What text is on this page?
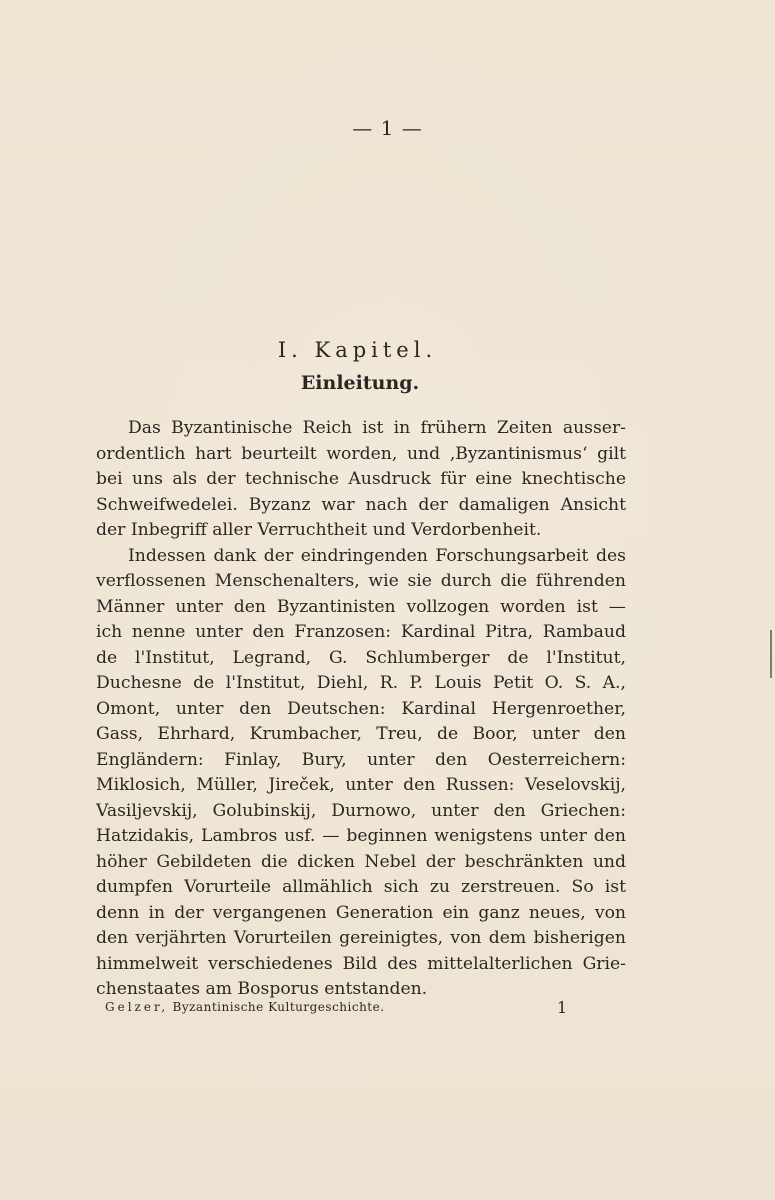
— 1 —
I. Kapitel.
Einleitung.
Das Byzantinische Reich ist in frühern Zeiten ausser-
ordentlich hart beurteilt worden, und ‚Byzantinismus‘ gilt
bei uns als der technische Ausdruck für eine knechtische
Schweifwedelei. Byzanz war nach der damaligen Ansicht
der Inbegriff aller Verruchtheit und Verdorbenheit.
Indessen dank der eindringenden Forschungsarbeit des
verflossenen Menschenalters, wie sie durch die führenden
Männer unter den Byzantinisten vollzogen worden ist —
ich nenne unter den Franzosen: Kardinal Pitra, Rambaud
de l'Institut, Legrand, G. Schlumberger de l'Institut,
Duchesne de l'Institut, Diehl, R. P. Louis Petit O. S. A.,
Omont, unter den Deutschen: Kardinal Hergenroether,
Gass, Ehrhard, Krumbacher, Treu, de Boor, unter den
Engländern: Finlay, Bury, unter den Oesterreichern:
Miklosich, Müller, Jireček, unter den Russen: Veselovskij,
Vasiljevskij, Golubinskij, Durnowo, unter den Griechen:
Hatzidakis, Lambros usf. — beginnen wenigstens unter den
höher Gebildeten die dicken Nebel der beschränkten und
dumpfen Vorurteile allmählich sich zu zerstreuen. So ist
denn in der vergangenen Generation ein ganz neues, von
den verjährten Vorurteilen gereinigtes, von dem bisherigen
himmelweit verschiedenes Bild des mittelalterlichen Grie-
chenstaates am Bosporus entstanden.
Gelzer, Byzantinische Kulturgeschichte.	1
